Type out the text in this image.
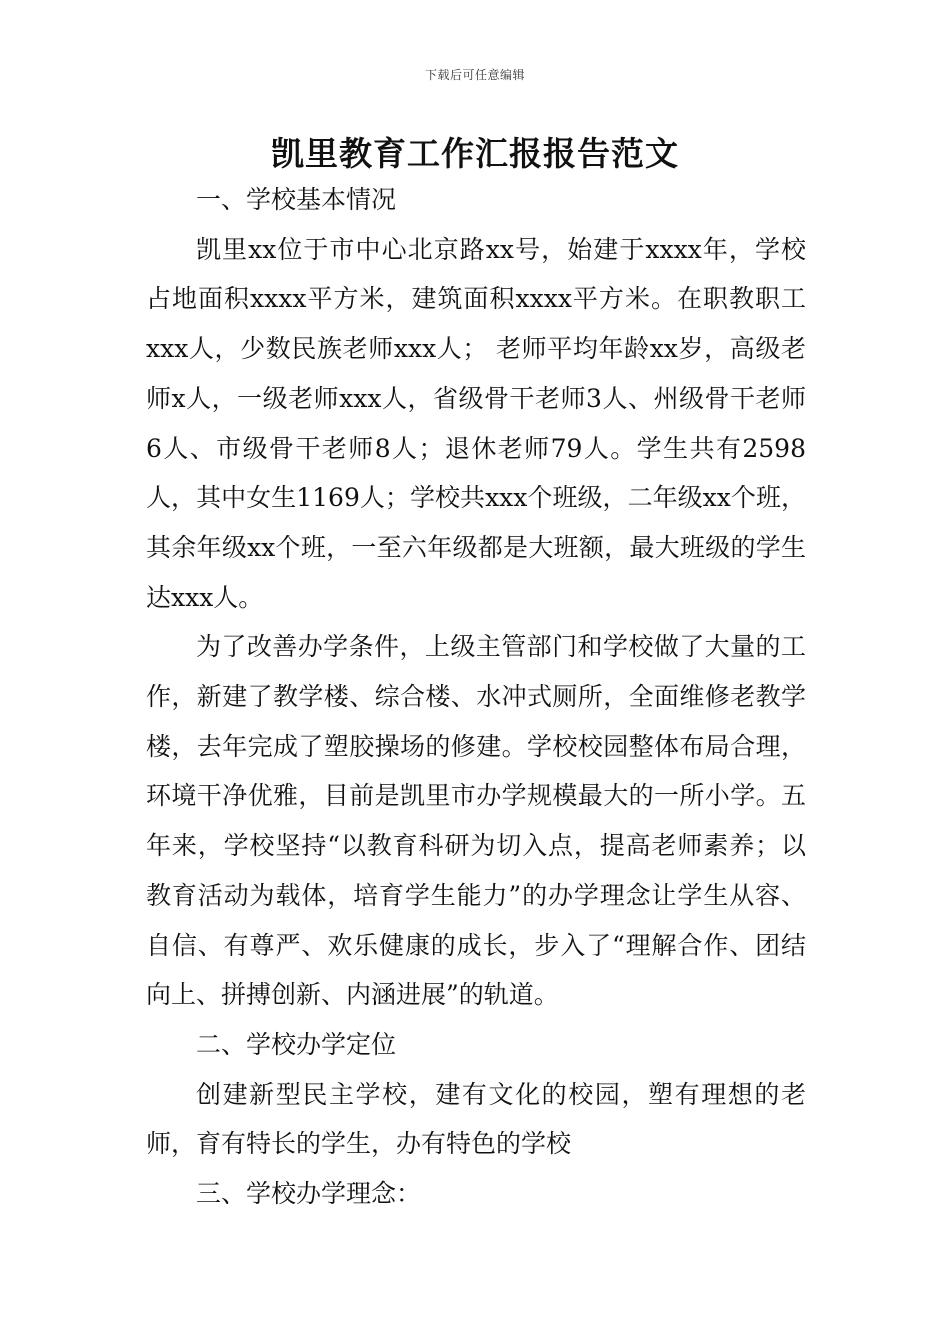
下载后可任意编辑
凯里教育工作汇报报告范文

一、学校基本情况

凯里xx位于市中心北京路xx号，始建于xxxx年，学校占地面积xxxx平方米，建筑面积xxxx平方米。在职教职工xxx人，少数民族老师xxx人； 老师平均年龄xx岁，高级老师x人，一级老师xxx人，省级骨干老师3人、州级骨干老师6人、市级骨干老师8人；退休老师79人。学生共有2598人，其中女生1169人；学校共xxx个班级，二年级xx个班，其余年级xx个班，一至六年级都是大班额，最大班级的学生达xxx人。

为了改善办学条件，上级主管部门和学校做了大量的工作，新建了教学楼、综合楼、水冲式厕所，全面维修老教学楼，去年完成了塑胶操场的修建。学校校园整体布局合理，环境干净优雅，目前是凯里市办学规模最大的一所小学。五年来，学校坚持“以教育科研为切入点，提高老师素养；以教育活动为载体，培育学生能力”的办学理念让学生从容、自信、有尊严、欢乐健康的成长，步入了“理解合作、团结向上、拼搏创新、内涵进展”的轨道。

二、学校办学定位

创建新型民主学校，建有文化的校园，塑有理想的老师，育有特长的学生，办有特色的学校

三、学校办学理念：
